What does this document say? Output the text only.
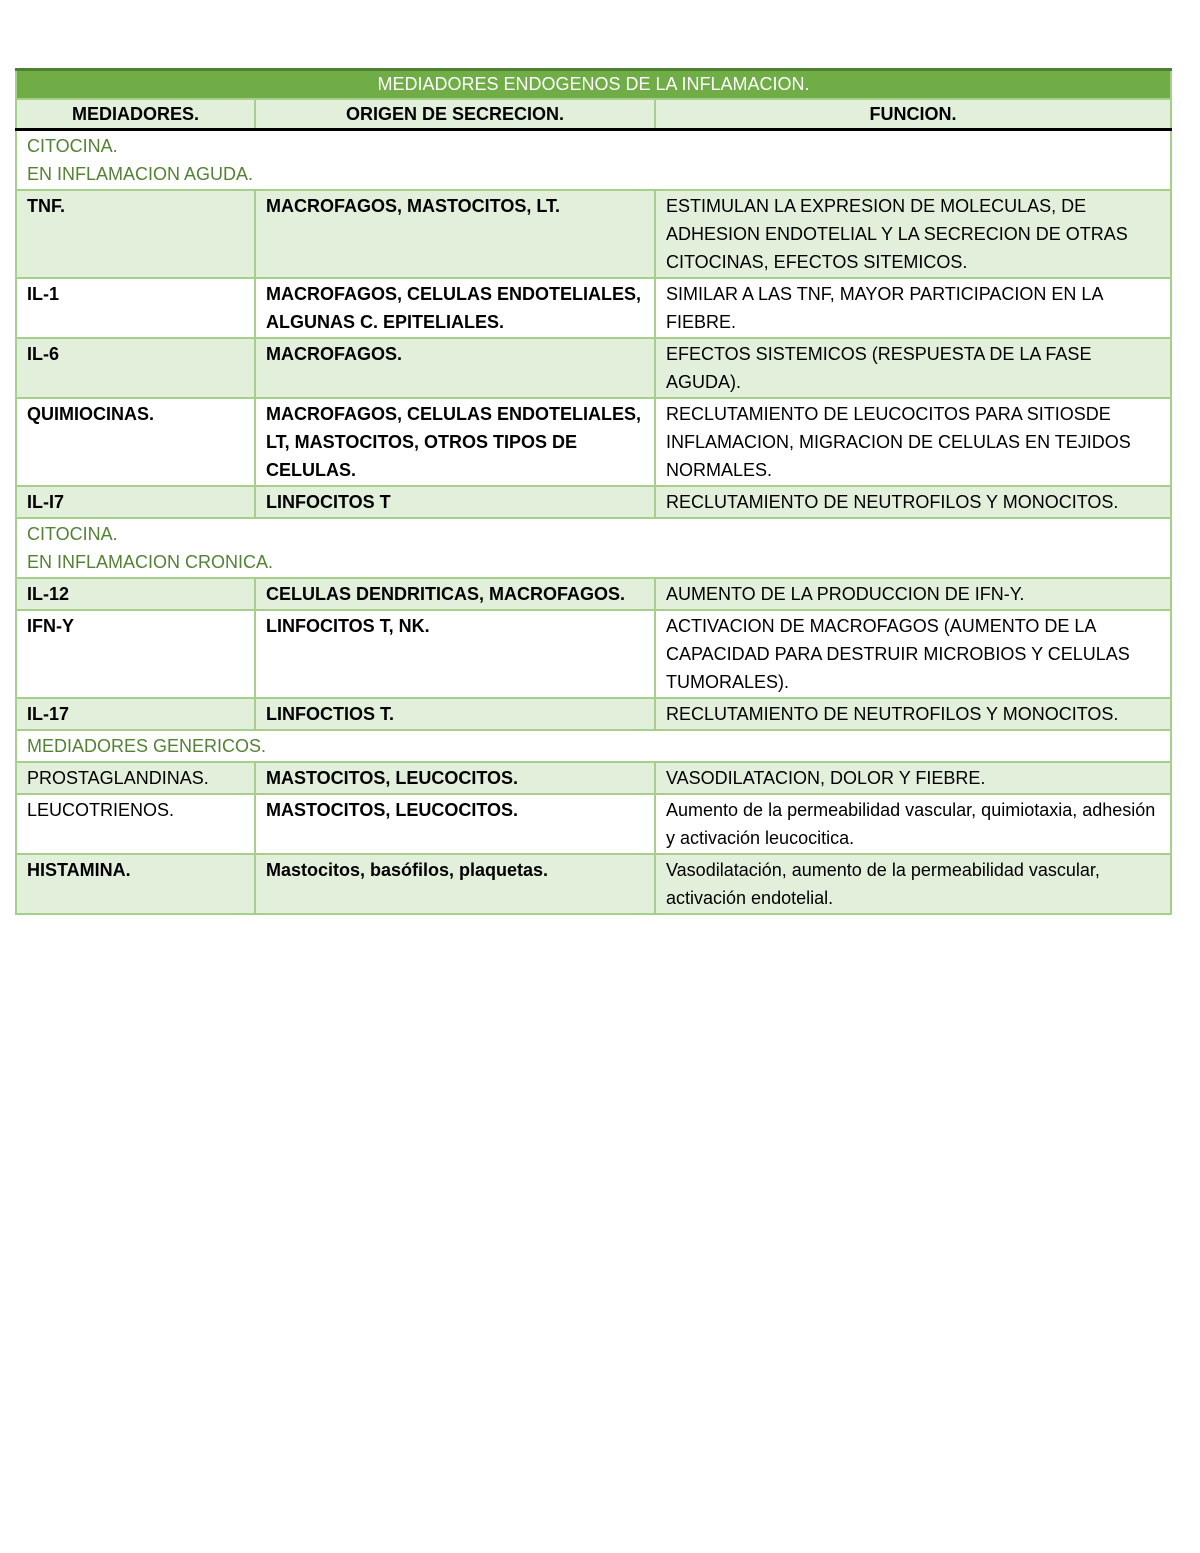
MEDIADORES ENDOGENOS DE LA INFLAMACION.		
MEDIADORES.	ORIGEN DE SECRECION.	FUNCION.

CITOCINA.
EN INFLAMACION AGUDA.		

TNF.	MACROFAGOS, MASTOCITOS, LT.	ESTIMULAN LA EXPRESION DE MOLECULAS, DE ADHESION ENDOTELIAL Y LA SECRECION DE OTRAS CITOCINAS, EFECTOS SITEMICOS.
IL-1	MACROFAGOS, CELULAS ENDOTELIALES, ALGUNAS C. EPITELIALES.	SIMILAR A LAS TNF, MAYOR PARTICIPACION EN LA FIEBRE.
IL-6	MACROFAGOS.	EFECTOS SISTEMICOS (RESPUESTA DE LA FASE AGUDA).
QUIMIOCINAS.	MACROFAGOS, CELULAS ENDOTELIALES, LT, MASTOCITOS, OTROS TIPOS DE CELULAS.	RECLUTAMIENTO DE LEUCOCITOS PARA SITIOSDE INFLAMACION, MIGRACION DE CELULAS EN TEJIDOS NORMALES.
IL-I7	LINFOCITOS T	RECLUTAMIENTO DE NEUTROFILOS Y MONOCITOS.

CITOCINA.
EN INFLAMACION CRONICA.		

IL-12	CELULAS DENDRITICAS, MACROFAGOS.	AUMENTO DE LA PRODUCCION DE IFN-Y.
IFN-Y	LINFOCITOS T, NK.	ACTIVACION DE MACROFAGOS (AUMENTO DE LA CAPACIDAD PARA DESTRUIR MICROBIOS Y CELULAS TUMORALES).
IL-17	LINFOCTIOS T.	RECLUTAMIENTO DE NEUTROFILOS Y MONOCITOS.
MEDIADORES GENERICOS.		
PROSTAGLANDINAS.	MASTOCITOS, LEUCOCITOS.	VASODILATACION, DOLOR Y FIEBRE.
LEUCOTRIENOS.	MASTOCITOS, LEUCOCITOS.	Aumento de la permeabilidad vascular, quimiotaxia, adhesión y activación leucocitica.
HISTAMINA.	Mastocitos, basófilos, plaquetas.	Vasodilatación, aumento de la permeabilidad vascular, activación endotelial.
